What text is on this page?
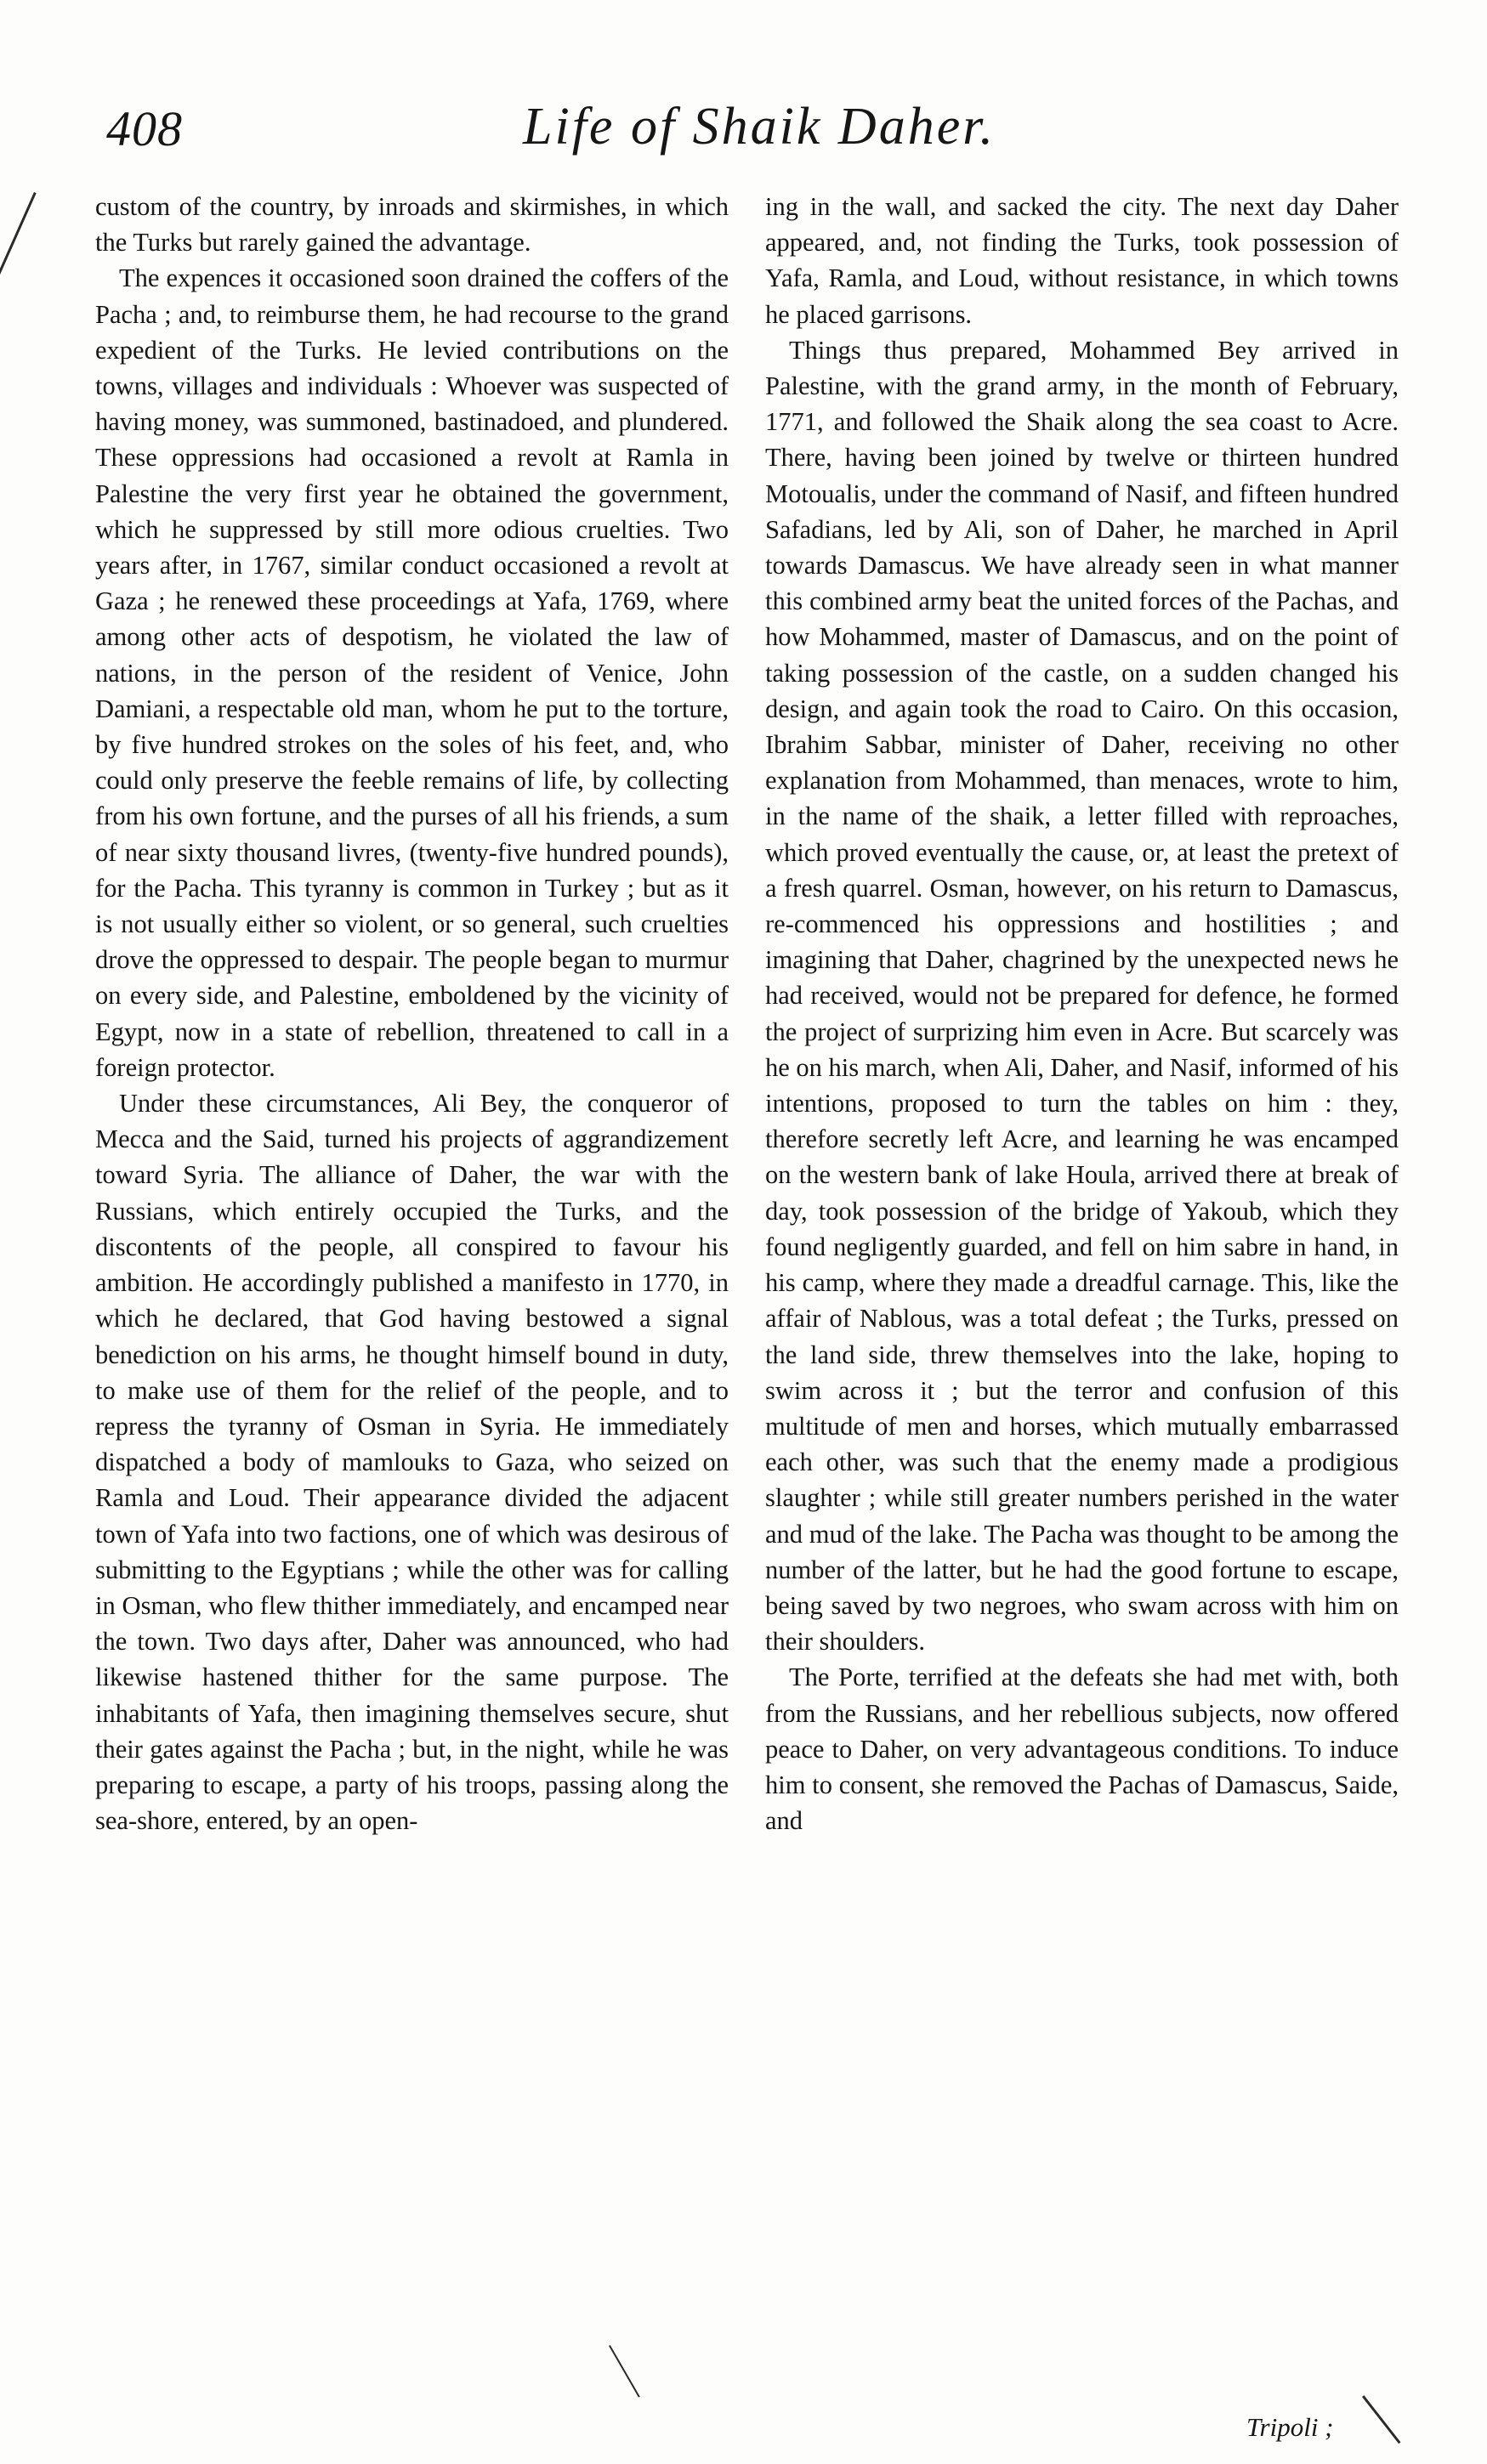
408	Life of Shaik Daher.

custom of the country, by inroads and skirmishes, in which the Turks but rarely gained the advantage.

The expences it occasioned soon drained the coffers of the Pacha ; and, to reimburse them, he had recourse to the grand expedient of the Turks. He levied contributions on the towns, villages and individuals : Whoever was suspected of having money, was summoned, bastinadoed, and plundered. These oppressions had occasioned a revolt at Ramla in Palestine the very first year he obtained the government, which he suppressed by still more odious cruelties. Two years after, in 1767, similar conduct occasioned a revolt at Gaza ; he renewed these proceedings at Yafa, 1769, where among other acts of despotism, he violated the law of nations, in the person of the resident of Venice, John Damiani, a respectable old man, whom he put to the torture, by five hundred strokes on the soles of his feet, and, who could only preserve the feeble remains of life, by collecting from his own fortune, and the purses of all his friends, a sum of near sixty thousand livres, (twenty-five hundred pounds), for the Pacha. This tyranny is common in Turkey ; but as it is not usually either so violent, or so general, such cruelties drove the oppressed to despair. The people began to murmur on every side, and Palestine, emboldened by the vicinity of Egypt, now in a state of rebellion, threatened to call in a foreign protector.

Under these circumstances, Ali Bey, the conqueror of Mecca and the Said, turned his projects of aggrandizement toward Syria. The alliance of Daher, the war with the Russians, which entirely occupied the Turks, and the discontents of the people, all conspired to favour his ambition. He accordingly published a manifesto in 1770, in which he declared, that God having bestowed a signal benediction on his arms, he thought himself bound in duty, to make use of them for the relief of the people, and to repress the tyranny of Osman in Syria. He immediately dispatched a body of mamlouks to Gaza, who seized on Ramla and Loud. Their appearance divided the adjacent town of Yafa into two factions, one of which was desirous of submitting to the Egyptians ; while the other was for calling in Osman, who flew thither immediately, and encamped near the town. Two days after, Daher was announced, who had likewise hastened thither for the same purpose. The inhabitants of Yafa, then imagining themselves secure, shut their gates against the Pacha ; but, in the night, while he was preparing to escape, a party of his troops, passing along the sea-shore, entered, by an open-

ing in the wall, and sacked the city. The next day Daher appeared, and, not finding the Turks, took possession of Yafa, Ramla, and Loud, without resistance, in which towns he placed garrisons.

Things thus prepared, Mohammed Bey arrived in Palestine, with the grand army, in the month of February, 1771, and followed the Shaik along the sea coast to Acre. There, having been joined by twelve or thirteen hundred Motoualis, under the command of Nasif, and fifteen hundred Safadians, led by Ali, son of Daher, he marched in April towards Damascus. We have already seen in what manner this combined army beat the united forces of the Pachas, and how Mohammed, master of Damascus, and on the point of taking possession of the castle, on a sudden changed his design, and again took the road to Cairo. On this occasion, Ibrahim Sabbar, minister of Daher, receiving no other explanation from Mohammed, than menaces, wrote to him, in the name of the shaik, a letter filled with reproaches, which proved eventually the cause, or, at least the pretext of a fresh quarrel. Osman, however, on his return to Damascus, re-commenced his oppressions and hostilities ; and imagining that Daher, chagrined by the unexpected news he had received, would not be prepared for defence, he formed the project of surprizing him even in Acre. But scarcely was he on his march, when Ali, Daher, and Nasif, informed of his intentions, proposed to turn the tables on him : they, therefore secretly left Acre, and learning he was encamped on the western bank of lake Houla, arrived there at break of day, took possession of the bridge of Yakoub, which they found negligently guarded, and fell on him sabre in hand, in his camp, where they made a dreadful carnage. This, like the affair of Nablous, was a total defeat ; the Turks, pressed on the land side, threw themselves into the lake, hoping to swim across it ; but the terror and confusion of this multitude of men and horses, which mutually embarrassed each other, was such that the enemy made a prodigious slaughter ; while still greater numbers perished in the water and mud of the lake. The Pacha was thought to be among the number of the latter, but he had the good fortune to escape, being saved by two negroes, who swam across with him on their shoulders.

The Porte, terrified at the defeats she had met with, both from the Russians, and her rebellious subjects, now offered peace to Daher, on very advantageous conditions. To induce him to consent, she removed the Pachas of Damascus, Saide, and

Tripoli ;
